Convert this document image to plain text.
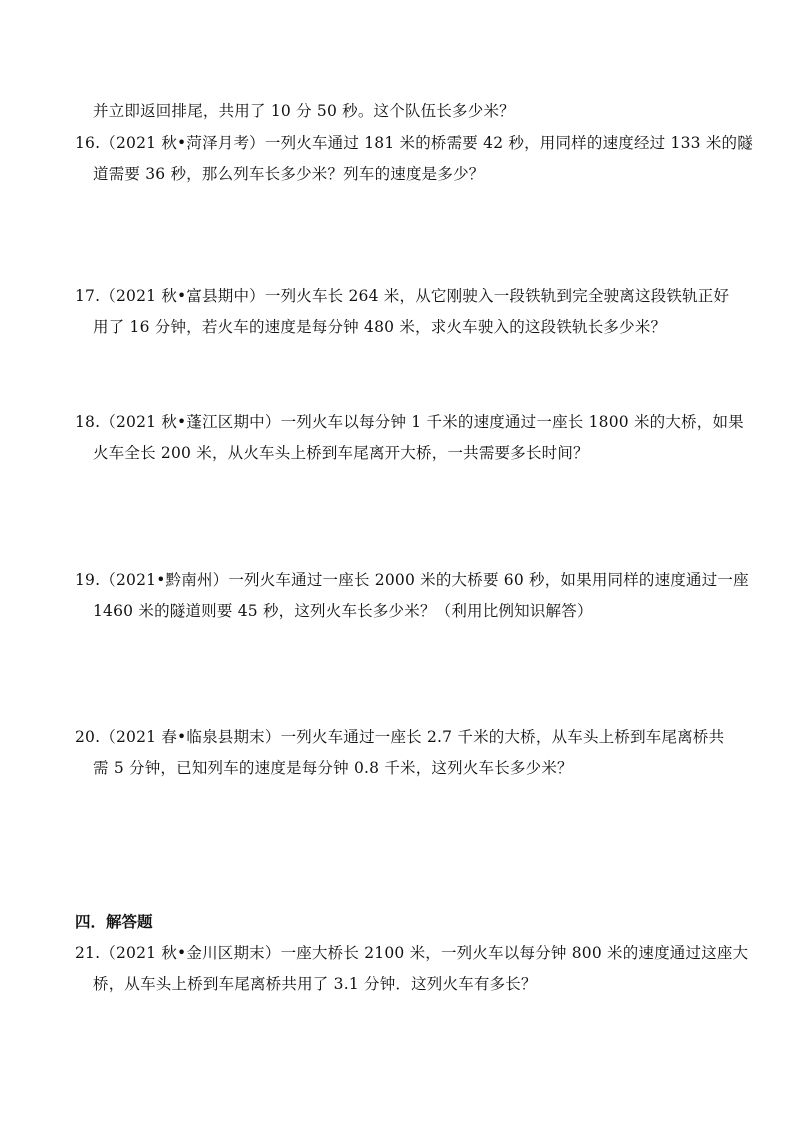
并立即返回排尾，共用了 10 分 50 秒。这个队伍长多少米？
16.（2021 秋•菏泽月考）一列火车通过 181 米的桥需要 42 秒，用同样的速度经过 133 米的隧
道需要 36 秒，那么列车长多少米？列车的速度是多少？
17.（2021 秋•富县期中）一列火车长 264 米，从它刚驶入一段铁轨到完全驶离这段铁轨正好
用了 16 分钟，若火车的速度是每分钟 480 米，求火车驶入的这段铁轨长多少米？
18.（2021 秋•蓬江区期中）一列火车以每分钟 1 千米的速度通过一座长 1800 米的大桥，如果
火车全长 200 米，从火车头上桥到车尾离开大桥，一共需要多长时间？
19.（2021•黔南州）一列火车通过一座长 2000 米的大桥要 60 秒，如果用同样的速度通过一座
1460 米的隧道则要 45 秒，这列火车长多少米？（利用比例知识解答）
20.（2021 春•临泉县期末）一列火车通过一座长 2.7 千米的大桥，从车头上桥到车尾离桥共
需 5 分钟，已知列车的速度是每分钟 0.8 千米，这列火车长多少米？
四．解答题
21.（2021 秋•金川区期末）一座大桥长 2100 米，一列火车以每分钟 800 米的速度通过这座大
桥，从车头上桥到车尾离桥共用了 3.1 分钟．这列火车有多长？
